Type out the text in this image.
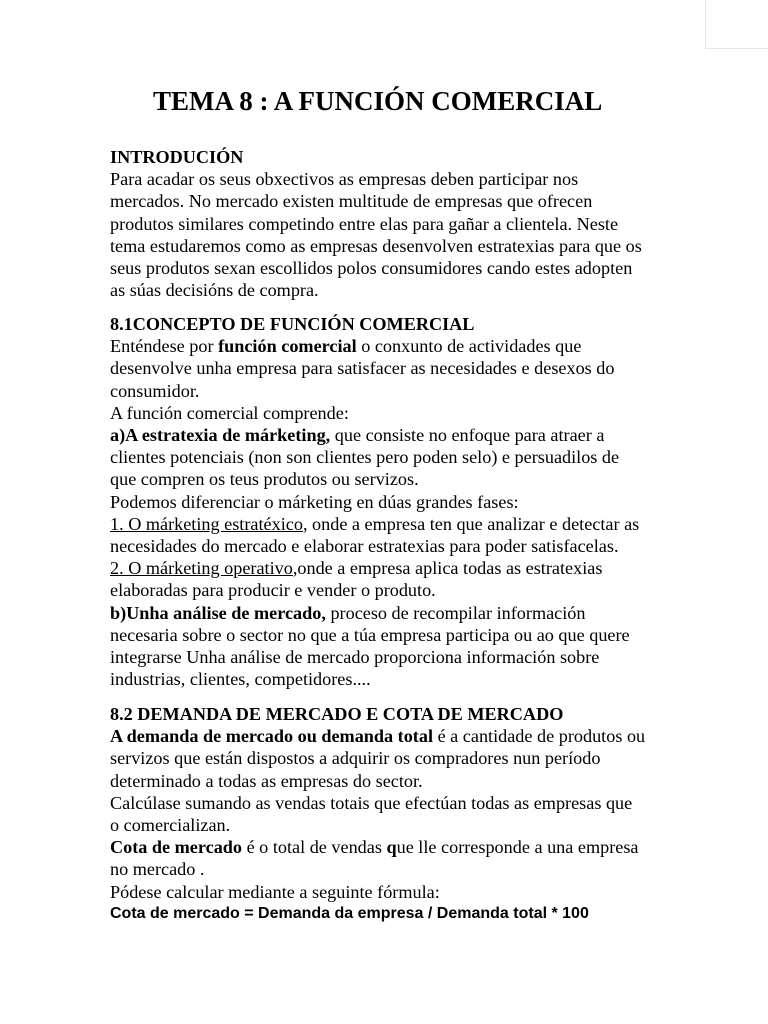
TEMA 8 : A FUNCIÓN COMERCIAL
INTRODUCIÓN
Para acadar os seus obxectivos as empresas deben participar nos
mercados. No mercado existen multitude de empresas que ofrecen
produtos similares competindo entre elas para gañar a clientela. Neste
tema estudaremos como as empresas desenvolven estratexias para que os
seus produtos sexan escollidos polos consumidores cando estes adopten
as súas decisións de compra.
8.1CONCEPTO DE FUNCIÓN COMERCIAL
Enténdese por función comercial o conxunto de actividades que
desenvolve unha empresa para satisfacer as necesidades e desexos do
consumidor.
A función comercial comprende:
a)A estratexia de márketing, que consiste no enfoque para atraer a
clientes potenciais (non son clientes pero poden selo) e persuadilos de
que compren os teus produtos ou servizos.
Podemos diferenciar o márketing en dúas grandes fases:
1. O márketing estratéxico, onde a empresa ten que analizar e detectar as
necesidades do mercado e elaborar estratexias para poder satisfacelas.
2. O márketing operativo,onde a empresa aplica todas as estratexias
elaboradas para producir e vender o produto.
b)Unha análise de mercado, proceso de recompilar información
necesaria sobre o sector no que a túa empresa participa ou ao que quere
integrarse Unha análise de mercado proporciona información sobre
industrias, clientes, competidores....
8.2 DEMANDA DE MERCADO E COTA DE MERCADO
A demanda de mercado ou demanda total é a cantidade de produtos ou
servizos que están dispostos a adquirir os compradores nun período
determinado a todas as empresas do sector.
Calcúlase sumando as vendas totais que efectúan todas as empresas que
o comercializan.
Cota de mercado é o total de vendas que lle corresponde a una empresa
no mercado .
Pódese calcular mediante a seguinte fórmula:
Cota de mercado = Demanda da empresa / Demanda total * 100
